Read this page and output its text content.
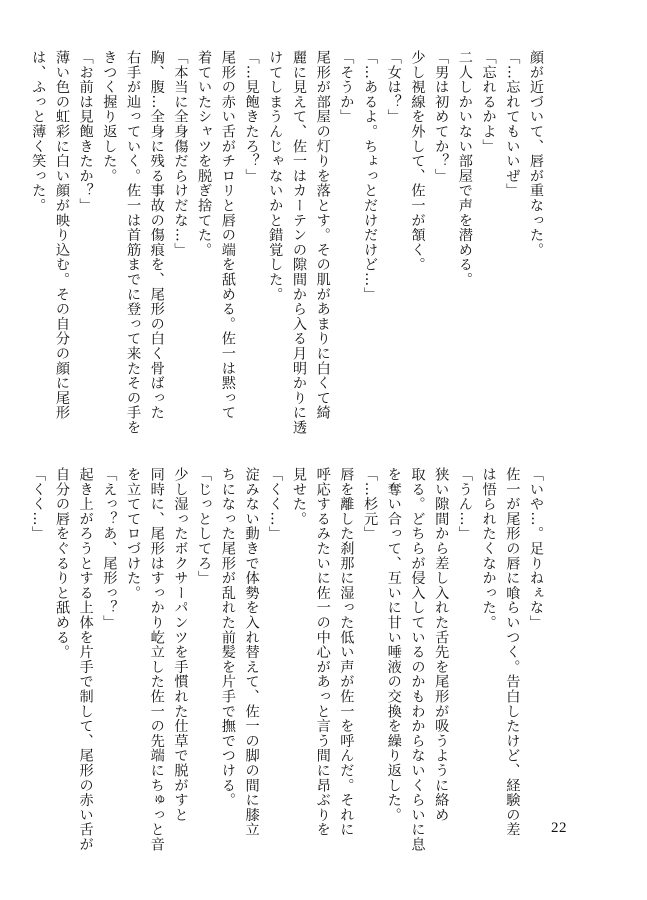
顔が近づいて、唇が重なった。
「…忘れてもいいぜ」
「忘れるかよ」
二人しかいない部屋で声を潜める。
「男は初めてか？」
少し視線を外して、佐一が頷く。
「女は？」
「…あるよ。ちょっとだけだけど…」
「そうか」
尾形が部屋の灯りを落とす。その肌があまりに白くて綺
麗に見えて、佐一はカーテンの隙間から入る月明かりに透
けてしまうんじゃないかと錯覚した。
「…見飽きたろ？」
尾形の赤い舌がチロリと唇の端を舐める。佐一は黙って
着ていたシャツを脱ぎ捨てた。
「本当に全身傷だらけだな…」
胸、腹…全身に残る事故の傷痕を、尾形の白く骨ばった
右手が辿っていく。佐一は首筋までに登って来たその手を
きつく握り返した。
「お前は見飽きたか？」
薄い色の虹彩に白い顔が映り込む。その自分の顔に尾形
は、ふっと薄く笑った。
「いや…。足りねぇな」
佐一が尾形の唇に喰らいつく。告白したけど、経験の差
は悟られたくなかった。
「うん…」
狭い隙間から差し入れた舌先を尾形が吸うように絡め
取る。どちらが侵入しているのかもわからないくらいに息
を奪い合って、互いに甘い唾液の交換を繰り返した。
「…杉元」
唇を離した刹那に湿った低い声が佐一を呼んだ。それに
呼応するみたいに佐一の中心があっと言う間に昂ぶりを
見せた。
「くく…」
淀みない動きで体勢を入れ替えて、佐一の脚の間に膝立
ちになった尾形が乱れた前髪を片手で撫でつける。
「じっとしてろ」
少し湿ったボクサーパンツを手慣れた仕草で脱がすと
同時に、尾形はすっかり屹立した佐一の先端にちゅっと音
を立ててロづけた。
「えっ？あ、尾形っ？」
起き上がろうとする上体を片手で制して、尾形の赤い舌が
自分の唇をぐるりと舐める。
「くく…」
22
